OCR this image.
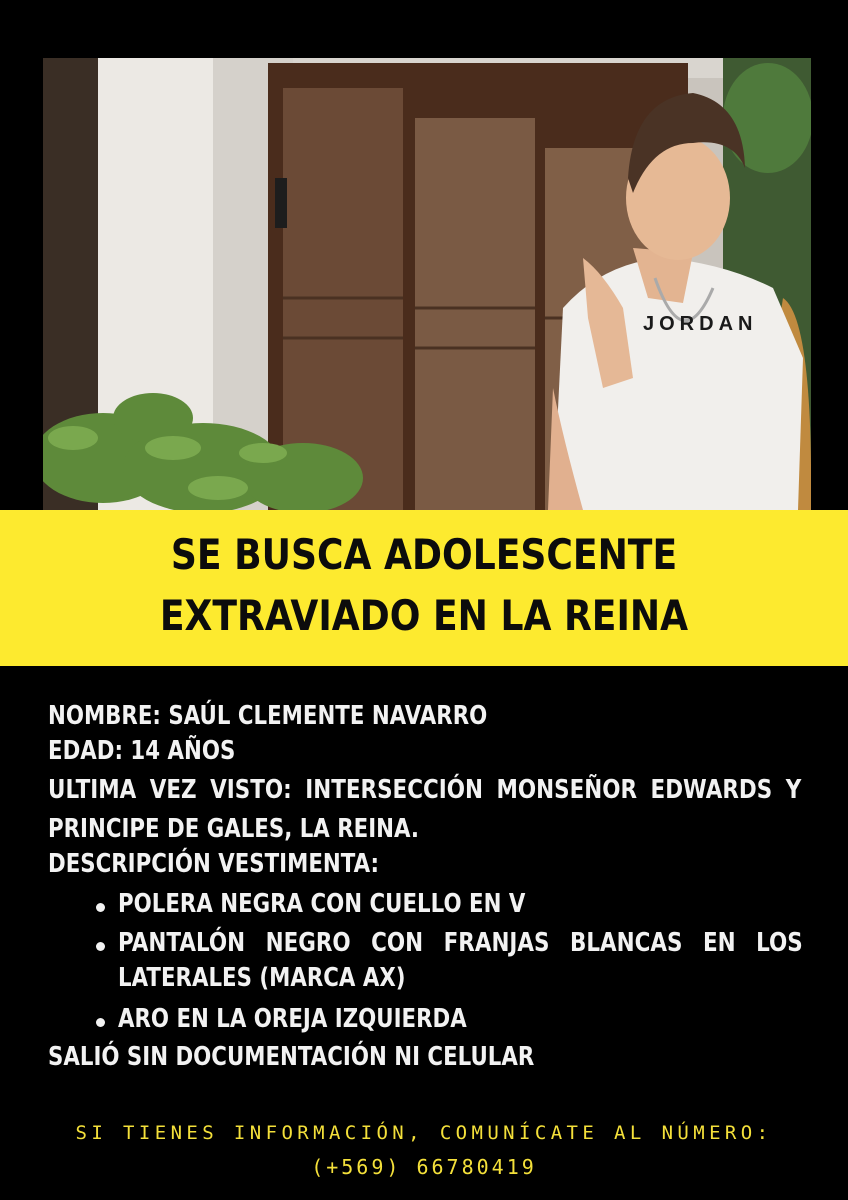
JORDAN
SE BUSCA ADOLESCENTE
EXTRAVIADO EN LA REINA
NOMBRE: SAÚL CLEMENTE NAVARRO
EDAD: 14 AÑOS
ULTIMA VEZ VISTO: INTERSECCIÓN MONSEÑOR EDWARDS Y
PRINCIPE DE GALES, LA REINA.
DESCRIPCIÓN VESTIMENTA:
POLERA NEGRA CON CUELLO EN V
PANTALÓN NEGRO CON FRANJAS BLANCAS EN LOS
LATERALES (MARCA AX)
ARO EN LA OREJA IZQUIERDA
SALIÓ SIN DOCUMENTACIÓN NI CELULAR
SI TIENES INFORMACIÓN, COMUNÍCATE AL NÚMERO:
(+569) 66780419
